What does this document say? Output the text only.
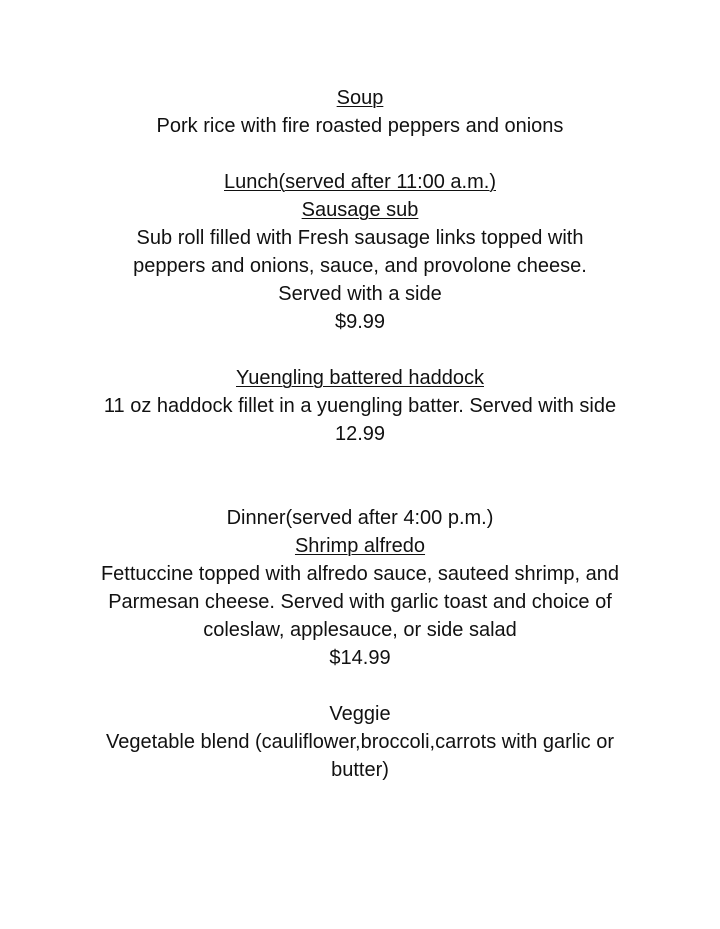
Soup
Pork rice with fire roasted peppers and onions
Lunch(served after 11:00 a.m.)
Sausage sub
Sub roll filled with Fresh sausage links topped with peppers and onions, sauce, and provolone cheese. Served with a side
$9.99
Yuengling battered haddock
11 oz haddock fillet in a yuengling batter. Served with side
12.99
Dinner(served after 4:00 p.m.)
Shrimp alfredo
Fettuccine topped with alfredo sauce, sauteed shrimp, and Parmesan cheese. Served with garlic toast and choice of coleslaw, applesauce, or side salad
$14.99
Veggie
Vegetable blend (cauliflower,broccoli,carrots with garlic or butter)
